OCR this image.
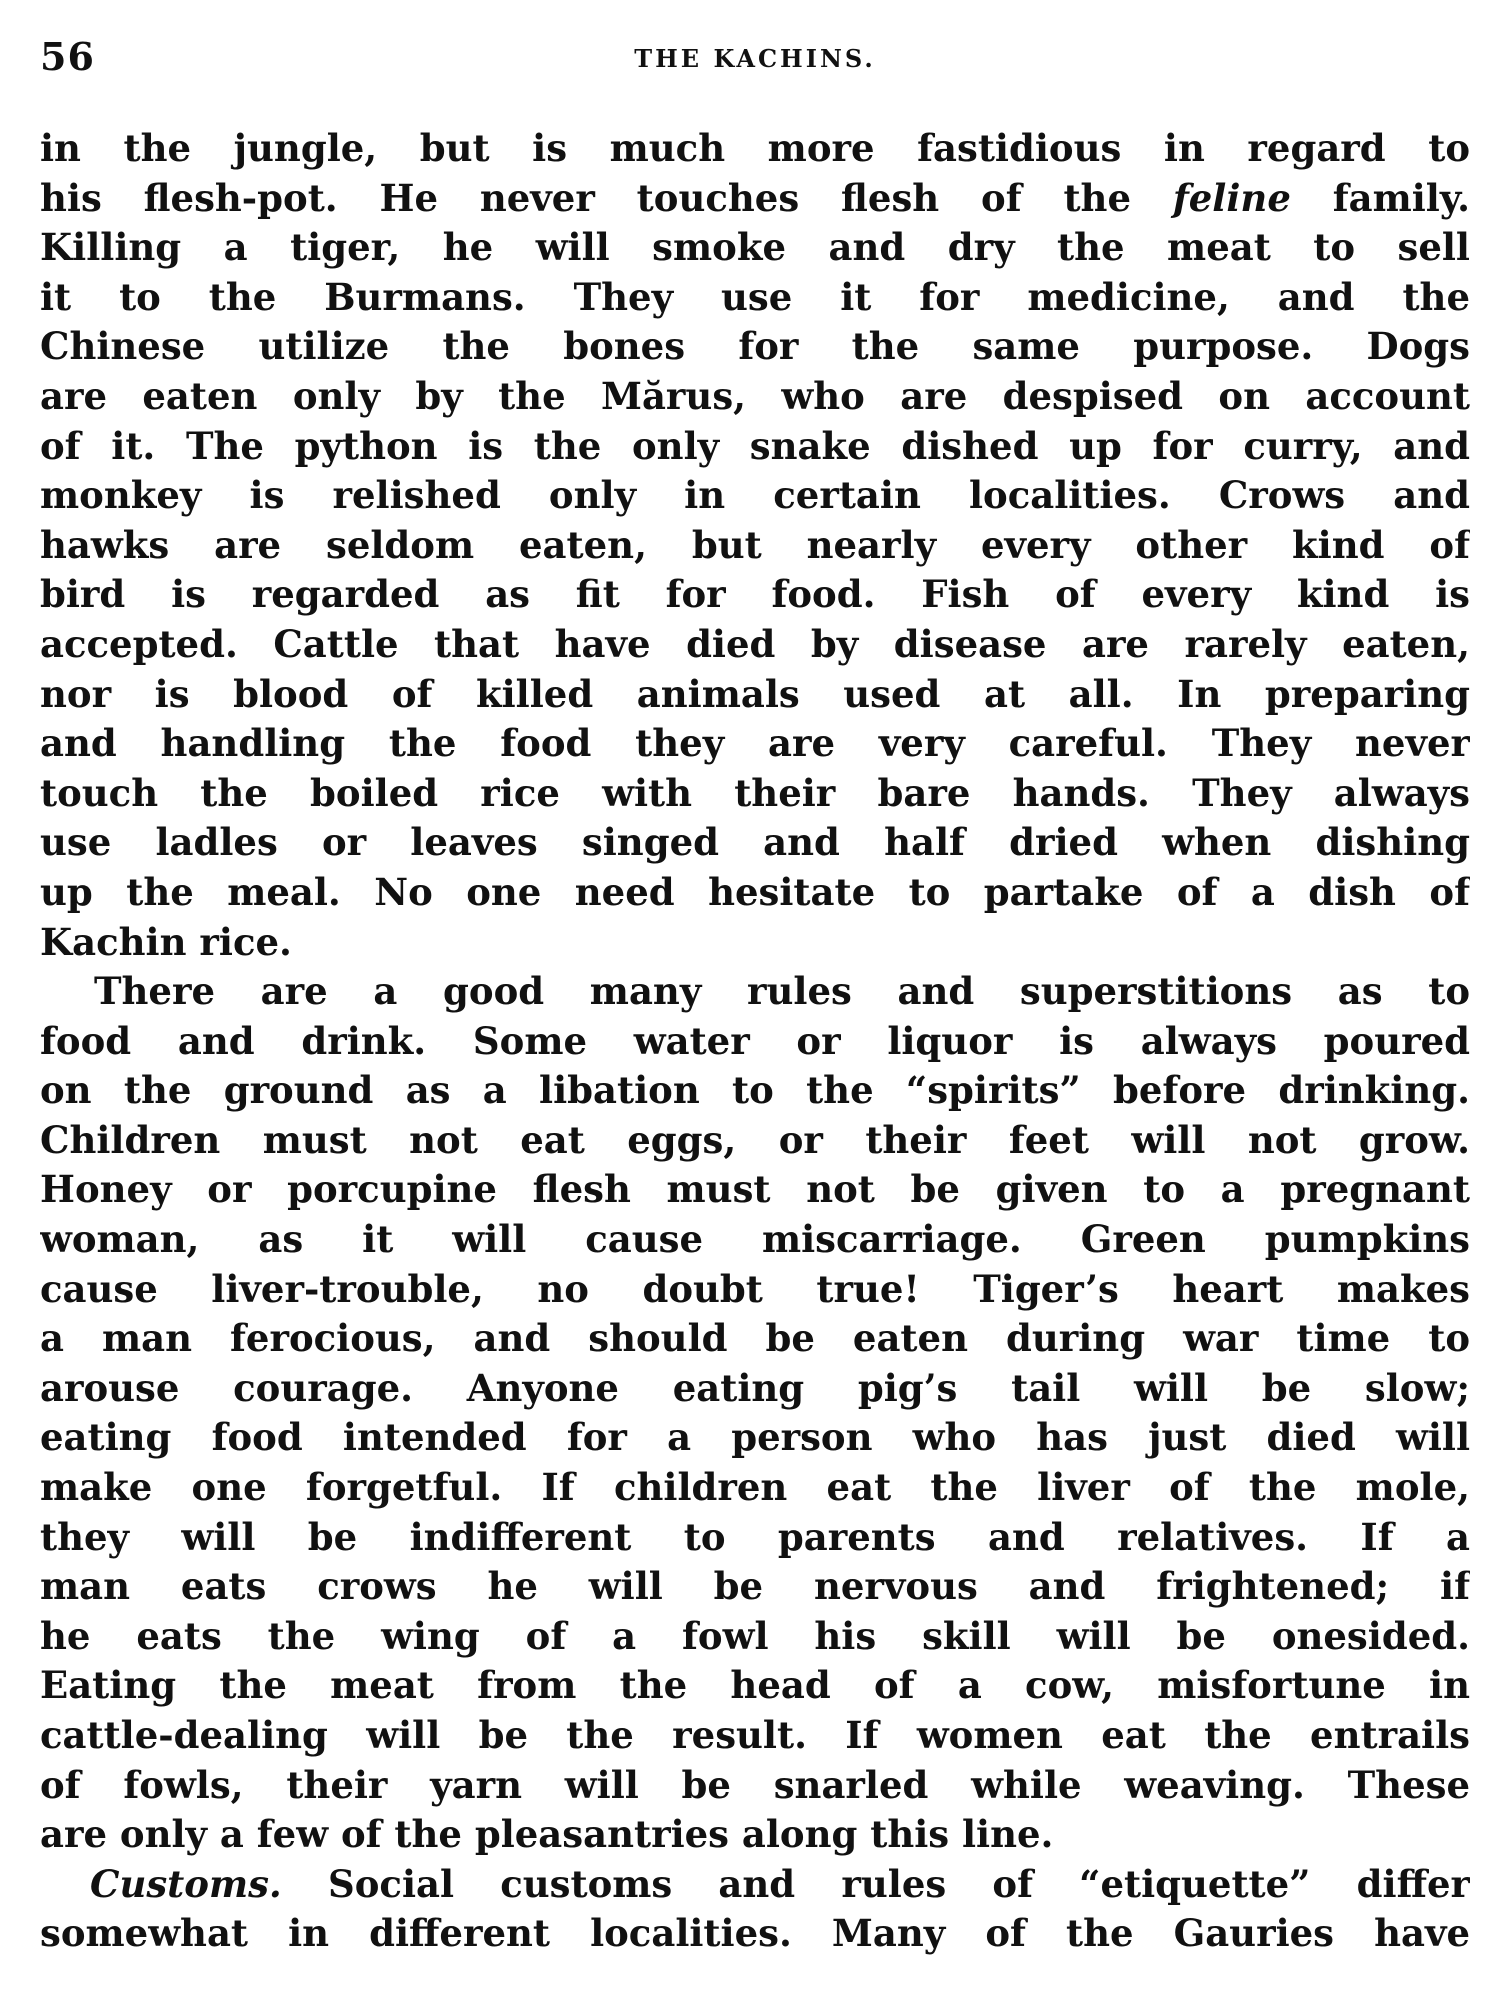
56	THE KACHINS.
in the jungle, but is much more fastidious in regard to
his flesh-pot. He never touches flesh of the feline family.
Killing a tiger, he will smoke and dry the meat to sell
it to the Burmans. They use it for medicine, and the
Chinese utilize the bones for the same purpose. Dogs
are eaten only by the Mărus, who are despised on account
of it. The python is the only snake dished up for curry, and
monkey is relished only in certain localities. Crows and
hawks are seldom eaten, but nearly every other kind of
bird is regarded as fit for food. Fish of every kind is
accepted. Cattle that have died by disease are rarely eaten,
nor is blood of killed animals used at all. In preparing
and handling the food they are very careful. They never
touch the boiled rice with their bare hands. They always
use ladles or leaves singed and half dried when dishing
up the meal. No one need hesitate to partake of a dish of
Kachin rice.
There are a good many rules and superstitions as to
food and drink. Some water or liquor is always poured
on the ground as a libation to the “spirits” before drinking.
Children must not eat eggs, or their feet will not grow.
Honey or porcupine flesh must not be given to a pregnant
woman, as it will cause miscarriage. Green pumpkins
cause liver-trouble, no doubt true! Tiger’s heart makes
a man ferocious, and should be eaten during war time to
arouse courage. Anyone eating pig’s tail will be slow;
eating food intended for a person who has just died will
make one forgetful. If children eat the liver of the mole,
they will be indifferent to parents and relatives. If a
man eats crows he will be nervous and frightened; if
he eats the wing of a fowl his skill will be onesided.
Eating the meat from the head of a cow, misfortune in
cattle-dealing will be the result. If women eat the entrails
of fowls, their yarn will be snarled while weaving. These
are only a few of the pleasantries along this line.
Customs. Social customs and rules of “etiquette” differ
somewhat in different localities. Many of the Gauries have
